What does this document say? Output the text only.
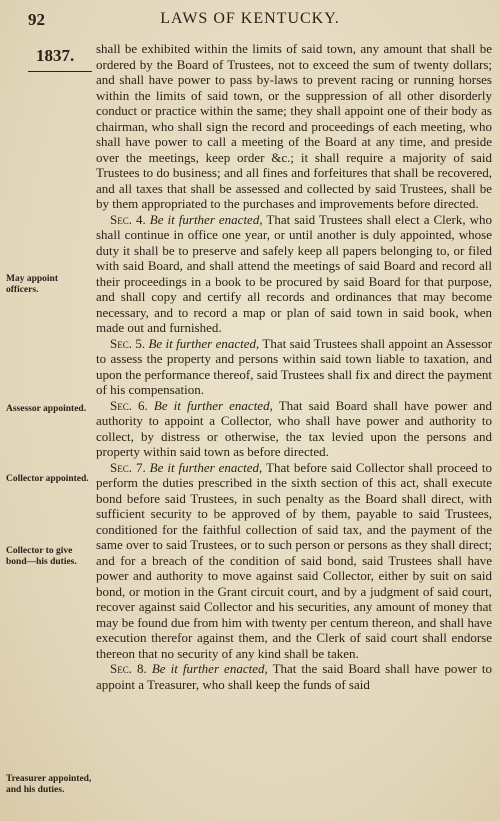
92	LAWS OF KENTUCKY.
1837.
May appoint officers.
Assessor appointed.
Collector appointed.
Collector to give bond—his duties.
Treasurer appointed, and his duties.

shall be exhibited within the limits of said town, any amount that shall be ordered by the Board of Trustees, not to exceed the sum of twenty dollars; and shall have power to pass by-laws to prevent racing or running horses within the limits of said town, or the suppression of all other disorderly conduct or practice within the same; they shall appoint one of their body as chairman, who shall sign the record and proceedings of each meeting, who shall have power to call a meeting of the Board at any time, and preside over the meetings, keep order &c.; it shall require a majority of said Trustees to do business; and all fines and forfeitures that shall be recovered, and all taxes that shall be assessed and collected by said Trustees, shall be by them appropriated to the purchases and improvements before directed.

Sec. 4. Be it further enacted, That said Trustees shall elect a Clerk, who shall continue in office one year, or until another is duly appointed, whose duty it shall be to preserve and safely keep all papers belonging to, or filed with said Board, and shall attend the meetings of said Board and record all their proceedings in a book to be procured by said Board for that purpose, and shall copy and certify all records and ordinances that may become necessary, and to record a map or plan of said town in said book, when made out and furnished.

Sec. 5. Be it further enacted, That said Trustees shall appoint an Assessor to assess the property and persons within said town liable to taxation, and upon the performance thereof, said Trustees shall fix and direct the payment of his compensation.

Sec. 6. Be it further enacted, That said Board shall have power and authority to appoint a Collector, who shall have power and authority to collect, by distress or otherwise, the tax levied upon the persons and property within said town as before directed.

Sec. 7. Be it further enacted, That before said Collector shall proceed to perform the duties prescribed in the sixth section of this act, shall execute bond before said Trustees, in such penalty as the Board shall direct, with sufficient security to be approved of by them, payable to said Trustees, conditioned for the faithful collection of said tax, and the payment of the same over to said Trustees, or to such person or persons as they shall direct; and for a breach of the condition of said bond, said Trustees shall have power and authority to move against said Collector, either by suit on said bond, or motion in the Grant circuit court, and by a judgment of said court, recover against said Collector and his securities, any amount of money that may be found due from him with twenty per centum thereon, and shall have execution therefor against them, and the Clerk of said court shall endorse thereon that no security of any kind shall be taken.

Sec. 8. Be it further enacted, That the said Board shall have power to appoint a Treasurer, who shall keep the funds of said
